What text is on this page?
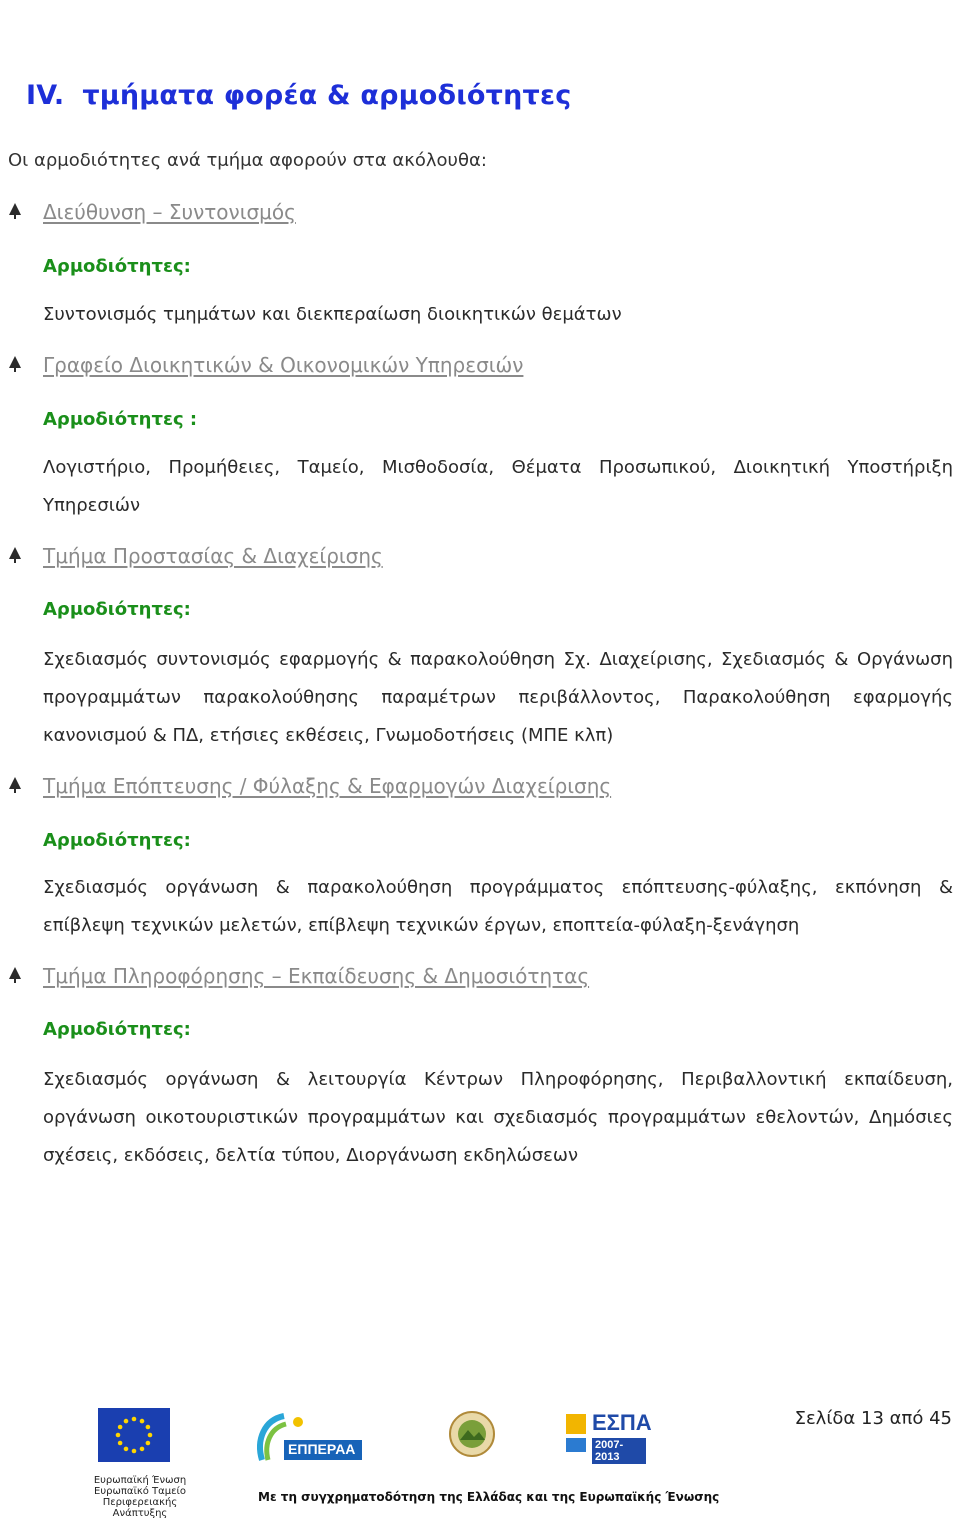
IV. τμήματα φορέα & αρμοδιότητες
Οι αρμοδιότητες ανά τμήμα αφορούν στα ακόλουθα:
Διεύθυνση – Συντονισμός
Αρμοδιότητες:
Συντονισμός τμημάτων και διεκπεραίωση διοικητικών θεμάτων
Γραφείο Διοικητικών & Οικονομικών Υπηρεσιών
Αρμοδιότητες :
Λογιστήριο, Προμήθειες, Ταμείο, Μισθοδοσία, Θέματα Προσωπικού, Διοικητική Υποστήριξη Υπηρεσιών
Τμήμα Προστασίας & Διαχείρισης
Αρμοδιότητες:
Σχεδιασμός συντονισμός εφαρμογής & παρακολούθηση Σχ. Διαχείρισης, Σχεδιασμός & Οργάνωση προγραμμάτων παρακολούθησης παραμέτρων περιβάλλοντος, Παρακολούθηση εφαρμογής κανονισμού & ΠΔ, ετήσιες εκθέσεις, Γνωμοδοτήσεις (ΜΠΕ κλπ)
Τμήμα Επόπτευσης / Φύλαξης & Εφαρμογών Διαχείρισης
Αρμοδιότητες:
Σχεδιασμός οργάνωση & παρακολούθηση προγράμματος επόπτευσης-φύλαξης, εκπόνηση & επίβλεψη τεχνικών μελετών, επίβλεψη τεχνικών έργων, εποπτεία-φύλαξη-ξενάγηση
Τμήμα Πληροφόρησης – Εκπαίδευσης & Δημοσιότητας
Αρμοδιότητες:
Σχεδιασμός οργάνωση & λειτουργία Κέντρων Πληροφόρησης, Περιβαλλοντική εκπαίδευση, οργάνωση οικοτουριστικών προγραμμάτων και σχεδιασμός προγραμμάτων εθελοντών, Δημόσιες σχέσεις, εκδόσεις, δελτία τύπου, Διοργάνωση εκδηλώσεων
Σελίδα 13 από 45
Ευρωπαϊκή Ένωση
Ευρωπαϊκό Ταμείο
Περιφερειακής Ανάπτυξης
ΕΠΠΕΡΑΑ
ΕΣΠΑ
2007-2013
Με τη συγχρηματοδότηση της Ελλάδας και της Ευρωπαϊκής Ένωσης
